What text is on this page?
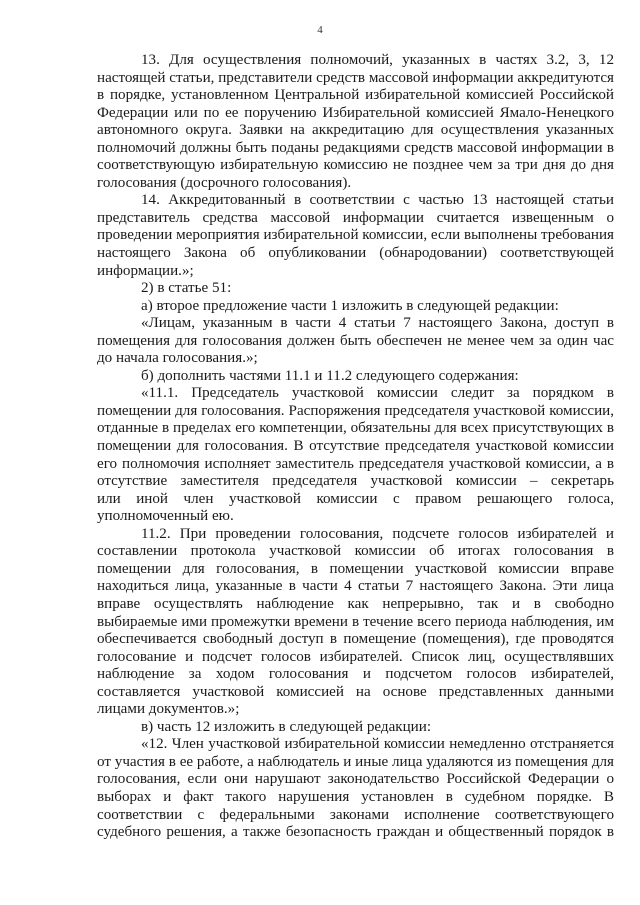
4
13. Для осуществления полномочий, указанных в частях 3.2, 3, 12
настоящей статьи, представители средств массовой информации аккредитуются
в порядке, установленном Центральной избирательной комиссией Российской
Федерации или по ее поручению Избирательной комиссией Ямало-Ненецкого
автономного округа. Заявки на аккредитацию для осуществления указанных
полномочий должны быть поданы редакциями средств массовой информации в
соответствующую избирательную комиссию не позднее чем за три дня до дня
голосования (досрочного голосования).
14. Аккредитованный в соответствии с частью 13 настоящей статьи
представитель средства массовой информации считается извещенным о
проведении мероприятия избирательной комиссии, если выполнены требования
настоящего Закона об опубликовании (обнародовании) соответствующей
информации.»;
2) в статье 51:
а) второе предложение части 1 изложить в следующей редакции:
«Лицам, указанным в части 4 статьи 7 настоящего Закона, доступ в
помещения для голосования должен быть обеспечен не менее чем за один час
до начала голосования.»;
б) дополнить частями 11.1 и 11.2 следующего содержания:
«11.1. Председатель участковой комиссии следит за порядком в
помещении для голосования. Распоряжения председателя участковой комиссии,
отданные в пределах его компетенции, обязательны для всех присутствующих в
помещении для голосования. В отсутствие председателя участковой комиссии
его полномочия исполняет заместитель председателя участковой комиссии, а в
отсутствие заместителя председателя участковой комиссии – секретарь
или иной член участковой комиссии с правом решающего голоса,
уполномоченный ею.
11.2. При проведении голосования, подсчете голосов избирателей и
составлении протокола участковой комиссии об итогах голосования в
помещении для голосования, в помещении участковой комиссии вправе
находиться лица, указанные в части 4 статьи 7 настоящего Закона. Эти лица
вправе осуществлять наблюдение как непрерывно, так и в свободно
выбираемые ими промежутки времени в течение всего периода наблюдения, им
обеспечивается свободный доступ в помещение (помещения), где проводятся
голосование и подсчет голосов избирателей. Список лиц, осуществлявших
наблюдение за ходом голосования и подсчетом голосов избирателей,
составляется участковой комиссией на основе представленных данными
лицами документов.»;
в) часть 12 изложить в следующей редакции:
«12. Член участковой избирательной комиссии немедленно отстраняется
от участия в ее работе, а наблюдатель и иные лица удаляются из помещения для
голосования, если они нарушают законодательство Российской Федерации о
выборах и факт такого нарушения установлен в судебном порядке. В
соответствии с федеральными законами исполнение соответствующего
судебного решения, а также безопасность граждан и общественный порядок в
